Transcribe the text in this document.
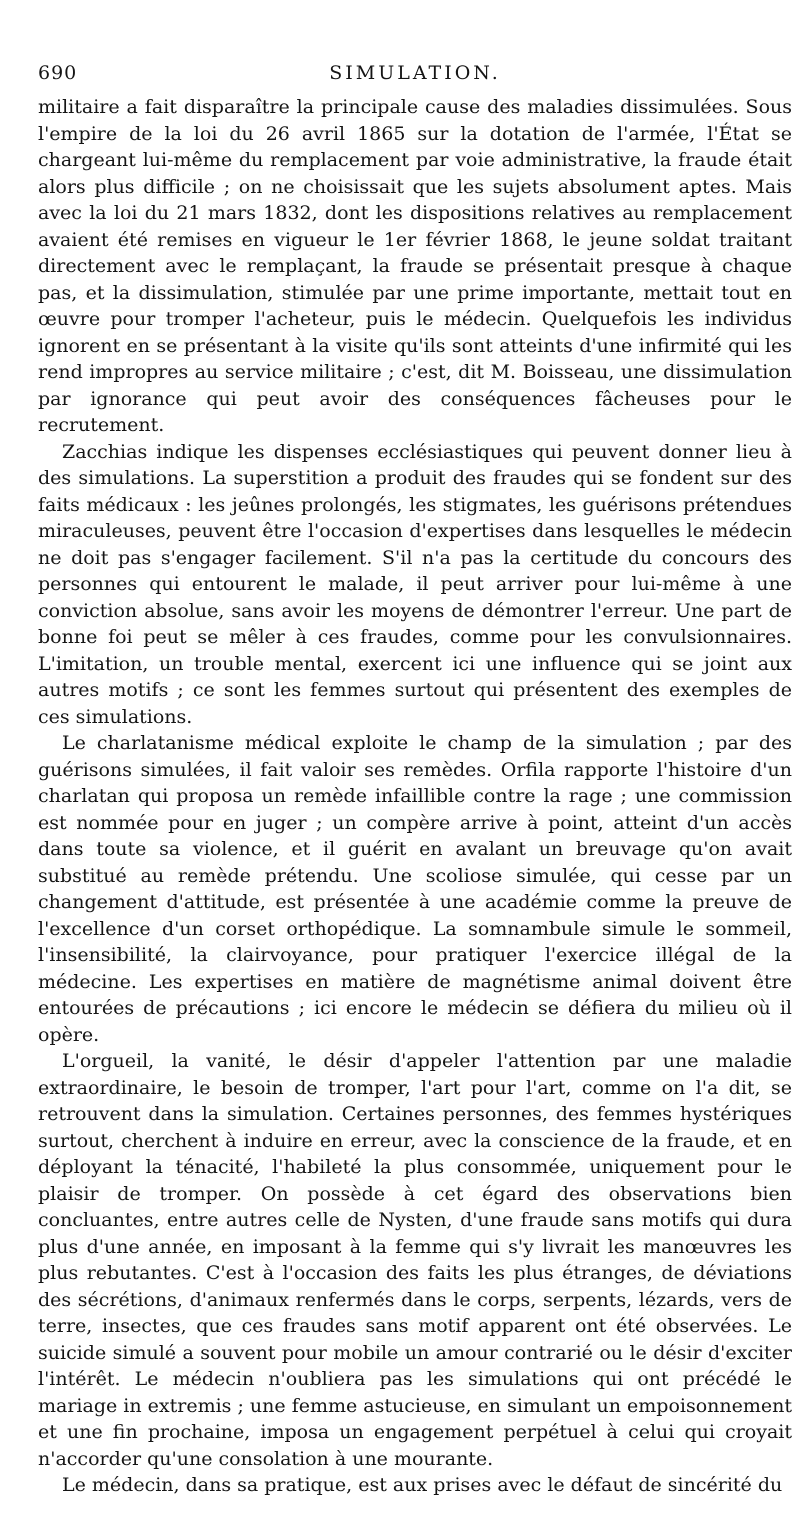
690	SIMULATION.

militaire a fait disparaître la principale cause des maladies dissimulées. Sous l'empire de la loi du 26 avril 1865 sur la dotation de l'armée, l'État se chargeant lui-même du remplacement par voie administrative, la fraude était alors plus difficile ; on ne choisissait que les sujets absolument aptes. Mais avec la loi du 21 mars 1832, dont les dispositions relatives au remplacement avaient été remises en vigueur le 1er février 1868, le jeune soldat traitant directement avec le remplaçant, la fraude se présentait presque à chaque pas, et la dissimulation, stimulée par une prime importante, mettait tout en œuvre pour tromper l'acheteur, puis le médecin. Quelquefois les individus ignorent en se présentant à la visite qu'ils sont atteints d'une infirmité qui les rend impropres au service militaire ; c'est, dit M. Boisseau, une dissimulation par ignorance qui peut avoir des conséquences fâcheuses pour le recrutement.

Zacchias indique les dispenses ecclésiastiques qui peuvent donner lieu à des simulations. La superstition a produit des fraudes qui se fondent sur des faits médicaux : les jeûnes prolongés, les stigmates, les guérisons prétendues miraculeuses, peuvent être l'occasion d'expertises dans lesquelles le médecin ne doit pas s'engager facilement. S'il n'a pas la certitude du concours des personnes qui entourent le malade, il peut arriver pour lui-même à une conviction absolue, sans avoir les moyens de démontrer l'erreur. Une part de bonne foi peut se mêler à ces fraudes, comme pour les convulsionnaires. L'imitation, un trouble mental, exercent ici une influence qui se joint aux autres motifs ; ce sont les femmes surtout qui présentent des exemples de ces simulations.

Le charlatanisme médical exploite le champ de la simulation ; par des guérisons simulées, il fait valoir ses remèdes. Orfila rapporte l'histoire d'un charlatan qui proposa un remède infaillible contre la rage ; une commission est nommée pour en juger ; un compère arrive à point, atteint d'un accès dans toute sa violence, et il guérit en avalant un breuvage qu'on avait substitué au remède prétendu. Une scoliose simulée, qui cesse par un changement d'attitude, est présentée à une académie comme la preuve de l'excellence d'un corset orthopédique. La somnambule simule le sommeil, l'insensibilité, la clairvoyance, pour pratiquer l'exercice illégal de la médecine. Les expertises en matière de magnétisme animal doivent être entourées de précautions ; ici encore le médecin se défiera du milieu où il opère.

L'orgueil, la vanité, le désir d'appeler l'attention par une maladie extraordinaire, le besoin de tromper, l'art pour l'art, comme on l'a dit, se retrouvent dans la simulation. Certaines personnes, des femmes hystériques surtout, cherchent à induire en erreur, avec la conscience de la fraude, et en déployant la ténacité, l'habileté la plus consommée, uniquement pour le plaisir de tromper. On possède à cet égard des observations bien concluantes, entre autres celle de Nysten, d'une fraude sans motifs qui dura plus d'une année, en imposant à la femme qui s'y livrait les manœuvres les plus rebutantes. C'est à l'occasion des faits les plus étranges, de déviations des sécrétions, d'animaux renfermés dans le corps, serpents, lézards, vers de terre, insectes, que ces fraudes sans motif apparent ont été observées. Le suicide simulé a souvent pour mobile un amour contrarié ou le désir d'exciter l'intérêt. Le médecin n'oubliera pas les simulations qui ont précédé le mariage in extremis ; une femme astucieuse, en simulant un empoisonnement et une fin prochaine, imposa un engagement perpétuel à celui qui croyait n'accorder qu'une consolation à une mourante.

Le médecin, dans sa pratique, est aux prises avec le défaut de sincérité du
